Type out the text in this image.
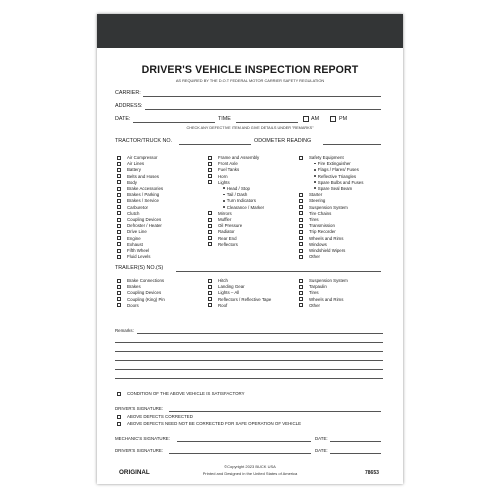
DRIVER'S VEHICLE INSPECTION REPORT
AS REQUIRED BY THE D.O.T FEDERAL MOTOR CARRIER SAFETY REGULATION
CARRIER:
ADDRESS:
DATE:	TIME	AM	PM
CHECK ANY DEFECTIVE ITEM AND GIVE DETAILS UNDER "REMARKS"
TRACTOR/TRUCK NO.	ODOMETER READING
Air Compressor
Air Lines
Battery
Belts and Hoses
Body
Brake Accessories
Brakes / Parking
Brakes / Service
Carburetor
Clutch
Coupling Devices
Defroster / Heater
Drive Line
Engine
Exhaust
Fifth Wheel
Fluid Levels
Frame and Assembly
Front Axle
Fuel Tanks
Horn
Lights
Head / Stop
Tail / Dash
Turn Indicators
Clearance / Marker
Mirrors
Muffler
Oil Pressure
Radiator
Rear End
Reflectors
Safety Equipment
Fire Extinguisher
Flags / Flares/ Fuses
Reflective Triangles
Spare Bulbs and Fuses
Spare Seal Beam
Starter
Steering
Suspension System
Tire Chains
Tires
Transmission
Trip Recorder
Wheels and Rims
Windows
Windshield Wipers
Other
TRAILER(S) NO.(S)
Brake Connections
Brakes
Coupling Devices
Coupling (King) Pin
Doors
Hitch
Landing Gear
Lights – All
Reflectors / Reflective Tape
Roof
Suspension System
Tarpaulin
Tires
Wheels and Rims
Other
Remarks:
CONDITION OF THE ABOVE VEHICLE IS SATISFACTORY
DRIVER'S SIGNATURE:
ABOVE DEFECTS CORRECTED
ABOVE DEFECTS NEED NOT BE CORRECTED FOR SAFE OPERATION OF VEHICLE
MECHANIC'S SIGNATURE:	DATE:
DRIVER'S SIGNATURE:	DATE:
©Copyright 2023 BUCK USA
Printed and Designed in the United States of America
ORIGINAL	78653
